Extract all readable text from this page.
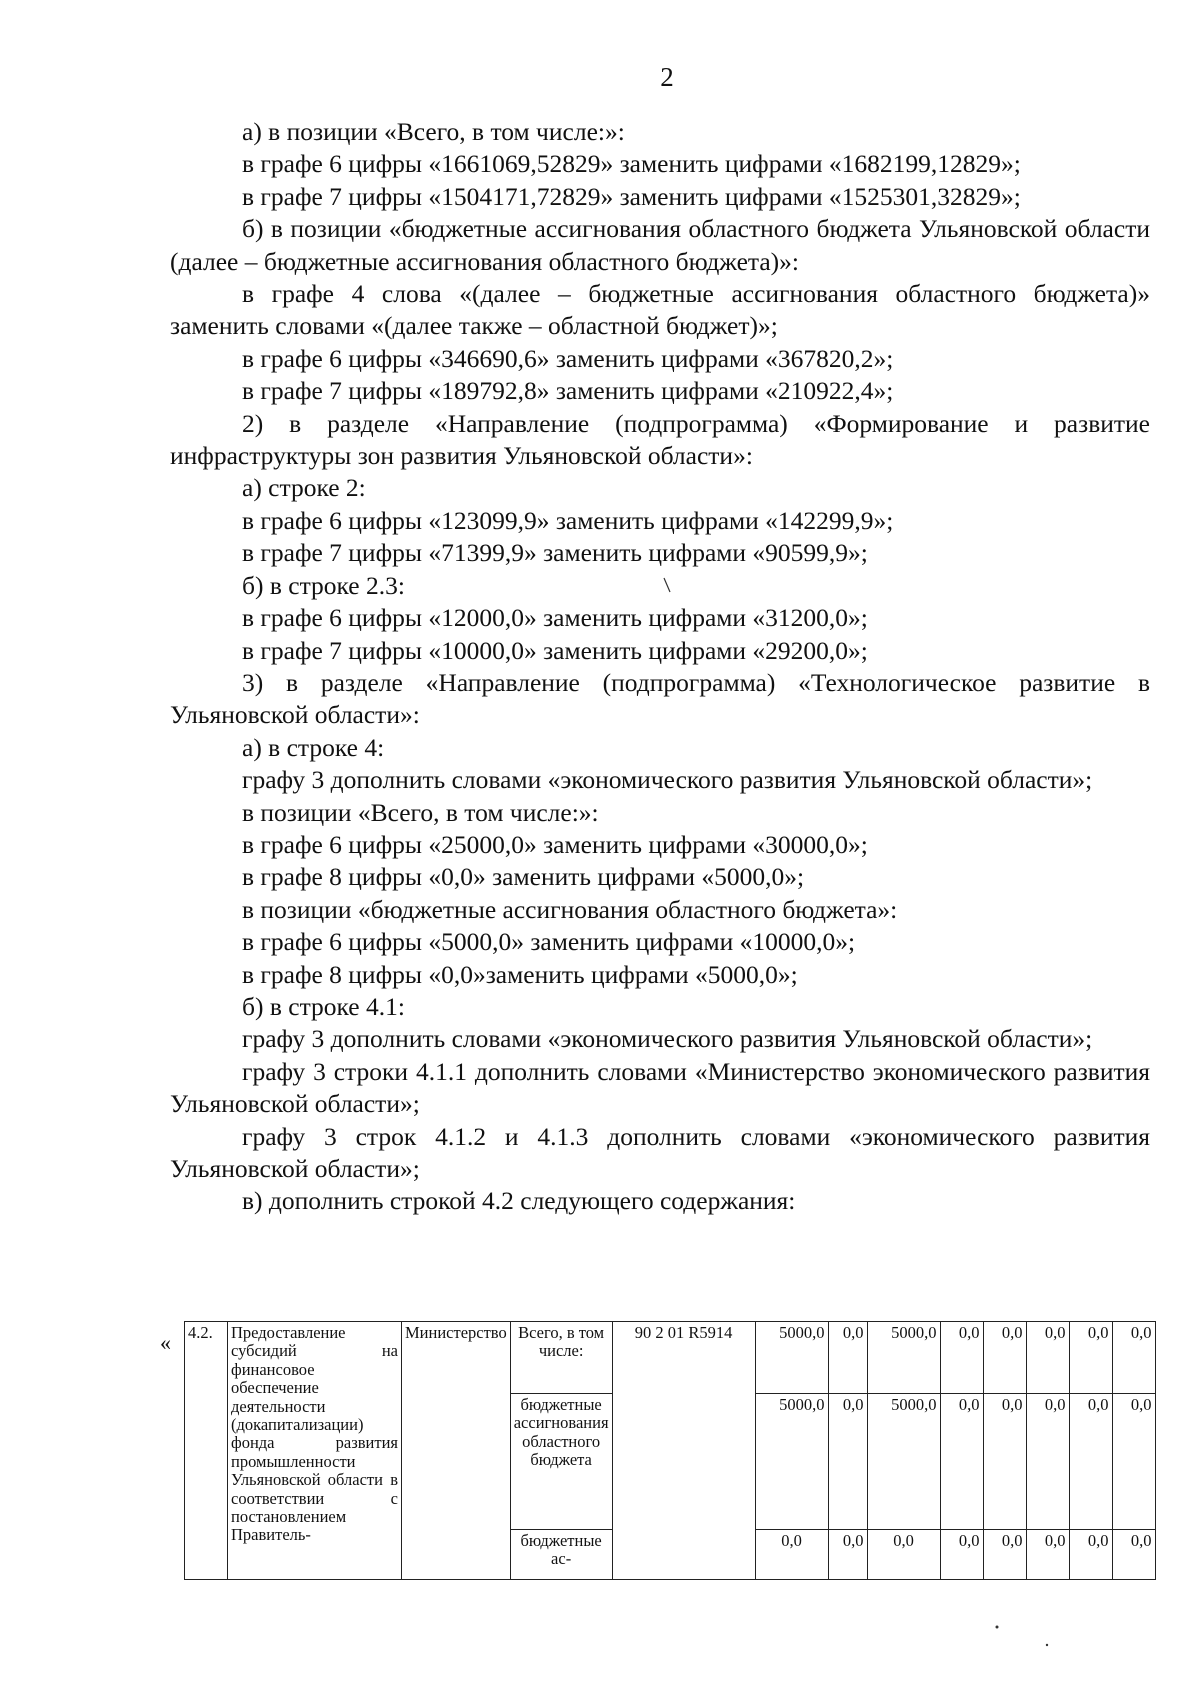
2

а) в позиции «Всего, в том числе:»:

в графе 6 цифры «1661069,52829» заменить цифрами «1682199,12829»;

в графе 7 цифры «1504171,72829» заменить цифрами «1525301,32829»;

б) в позиции «бюджетные ассигнования областного бюджета Ульяновской области (далее – бюджетные ассигнования областного бюджета)»:

в графе 4 слова «(далее – бюджетные ассигнования областного бюджета)» заменить словами «(далее также – областной бюджет)»;

в графе 6 цифры «346690,6» заменить цифрами «367820,2»;

в графе 7 цифры «189792,8» заменить цифрами «210922,4»;

2) в разделе «Направление (подпрограмма) «Формирование и развитие инфраструктуры зон развития Ульяновской области»:

а) строке 2:

в графе 6 цифры «123099,9» заменить цифрами «142299,9»;

в графе 7 цифры «71399,9» заменить цифрами «90599,9»;

б) в строке 2.3:

в графе 6 цифры «12000,0» заменить цифрами «31200,0»;

в графе 7 цифры «10000,0» заменить цифрами «29200,0»;

3) в разделе «Направление (подпрограмма) «Технологическое развитие в Ульяновской области»:

а) в строке 4:

графу 3 дополнить словами «экономического развития Ульяновской области»;

в позиции «Всего, в том числе:»:

в графе 6 цифры «25000,0» заменить цифрами «30000,0»;

в графе 8 цифры «0,0» заменить цифрами «5000,0»;

в позиции «бюджетные ассигнования областного бюджета»:

в графе 6 цифры «5000,0» заменить цифрами «10000,0»;

в графе 8 цифры «0,0»заменить цифрами «5000,0»;

б) в строке 4.1:

графу 3 дополнить словами «экономического развития Ульяновской области»;

графу 3 строки 4.1.1 дополнить словами «Министерство экономического развития Ульяновской области»;

графу 3 строк 4.1.2 и 4.1.3 дополнить словами «экономического развития Ульяновской области»;

в) дополнить строкой 4.2 следующего содержания:

« 4.2.	Предоставление субсидий на финансовое обеспечение деятельности (докапитализации) фонда развития промышленности Ульяновской области в соответствии с постановлением Правитель-	Министерство	Всего, в том числе:	90 2 01 R5914	5000,0	0,0	5000,0	0,0	0,0	0,0	0,0	0,0
			бюджетные ассигнования областного бюджета		5000,0	0,0	5000,0	0,0	0,0	0,0	0,0	0,0
			бюджетные ас-		0,0	0,0	0,0	0,0	0,0	0,0	0,0	0,0
